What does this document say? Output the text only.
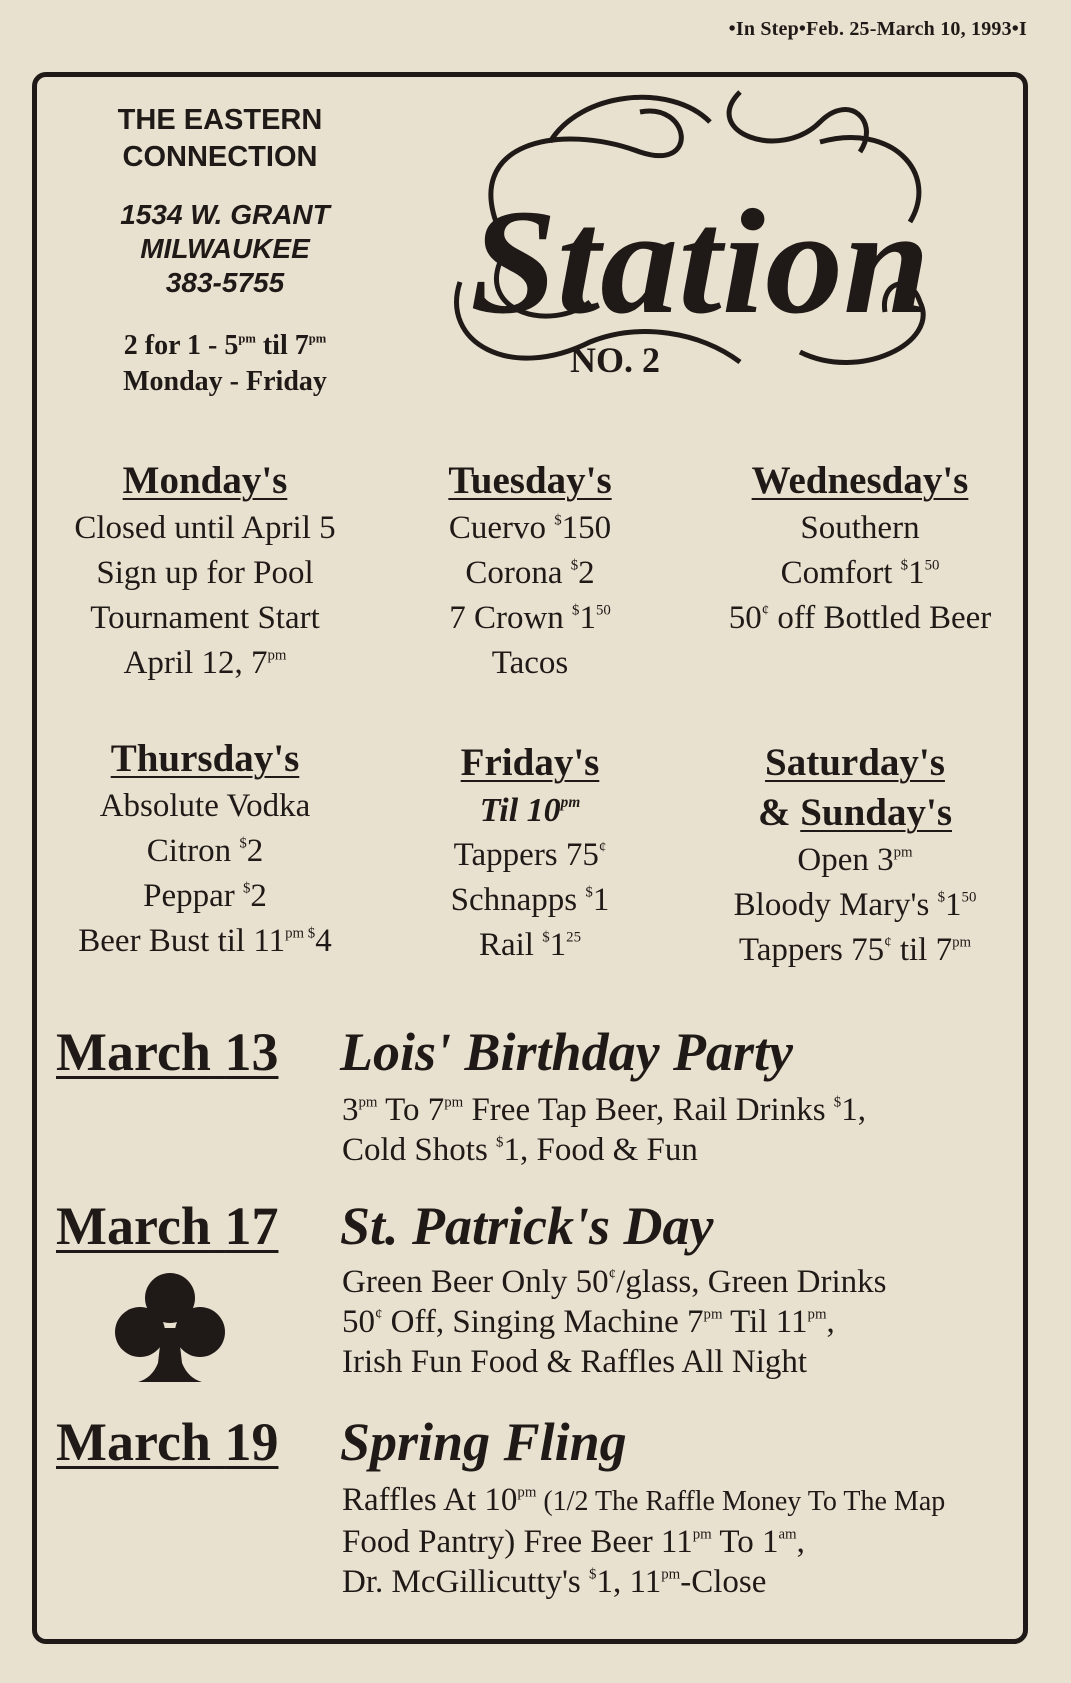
•In Step•Feb. 25-March 10, 1993•I
THE EASTERN
CONNECTION
1534 W. GRANT
MILWAUKEE
383-5755
2 for $1 - 5^{pm}$ til $7^{pm}$
Monday - Friday
Station
NO. 2
Monday's
Closed until April 5
Sign up for Pool
Tournament Start
April 12, $7^{pm}$
Tuesday's
Cuervo $150
Corona $2
7 Crown $^{\$}1^{50}$
Tacos
Wednesday's
Southern
Comfort $^{\$}1^{50}$
50¢ off Bottled Beer
Thursday's
Absolute Vodka
Citron $2
Peppar $2
Beer Bust til $11^{pm}$ $4
Friday's
Til $10^{pm}$
Tappers 75¢
Schnapps $1
Rail $^{\$}1^{25}$
Saturday's
& Sunday's
Open $3^{pm}$
Bloody Mary's $^{\$}1^{50}$
Tappers 75¢ til $7^{pm}$
March 13 Lois' Birthday Party
$3^{pm}$ To $7^{pm}$ Free Tap Beer, Rail Drinks $1,
Cold Shots $1, Food & Fun
March 17 St. Patrick's Day
Green Beer Only 50¢/glass, Green Drinks
50¢ Off, Singing Machine $7^{pm}$ Til $11^{pm}$,
Irish Fun Food & Raffles All Night
March 19 Spring Fling
Raffles At $10^{pm}$ (1/2 The Raffle Money To The Map
Food Pantry) Free Beer $11^{pm}$ To $1^{am}$,
Dr. McGillicutty's $1, $11^{pm}$-Close
